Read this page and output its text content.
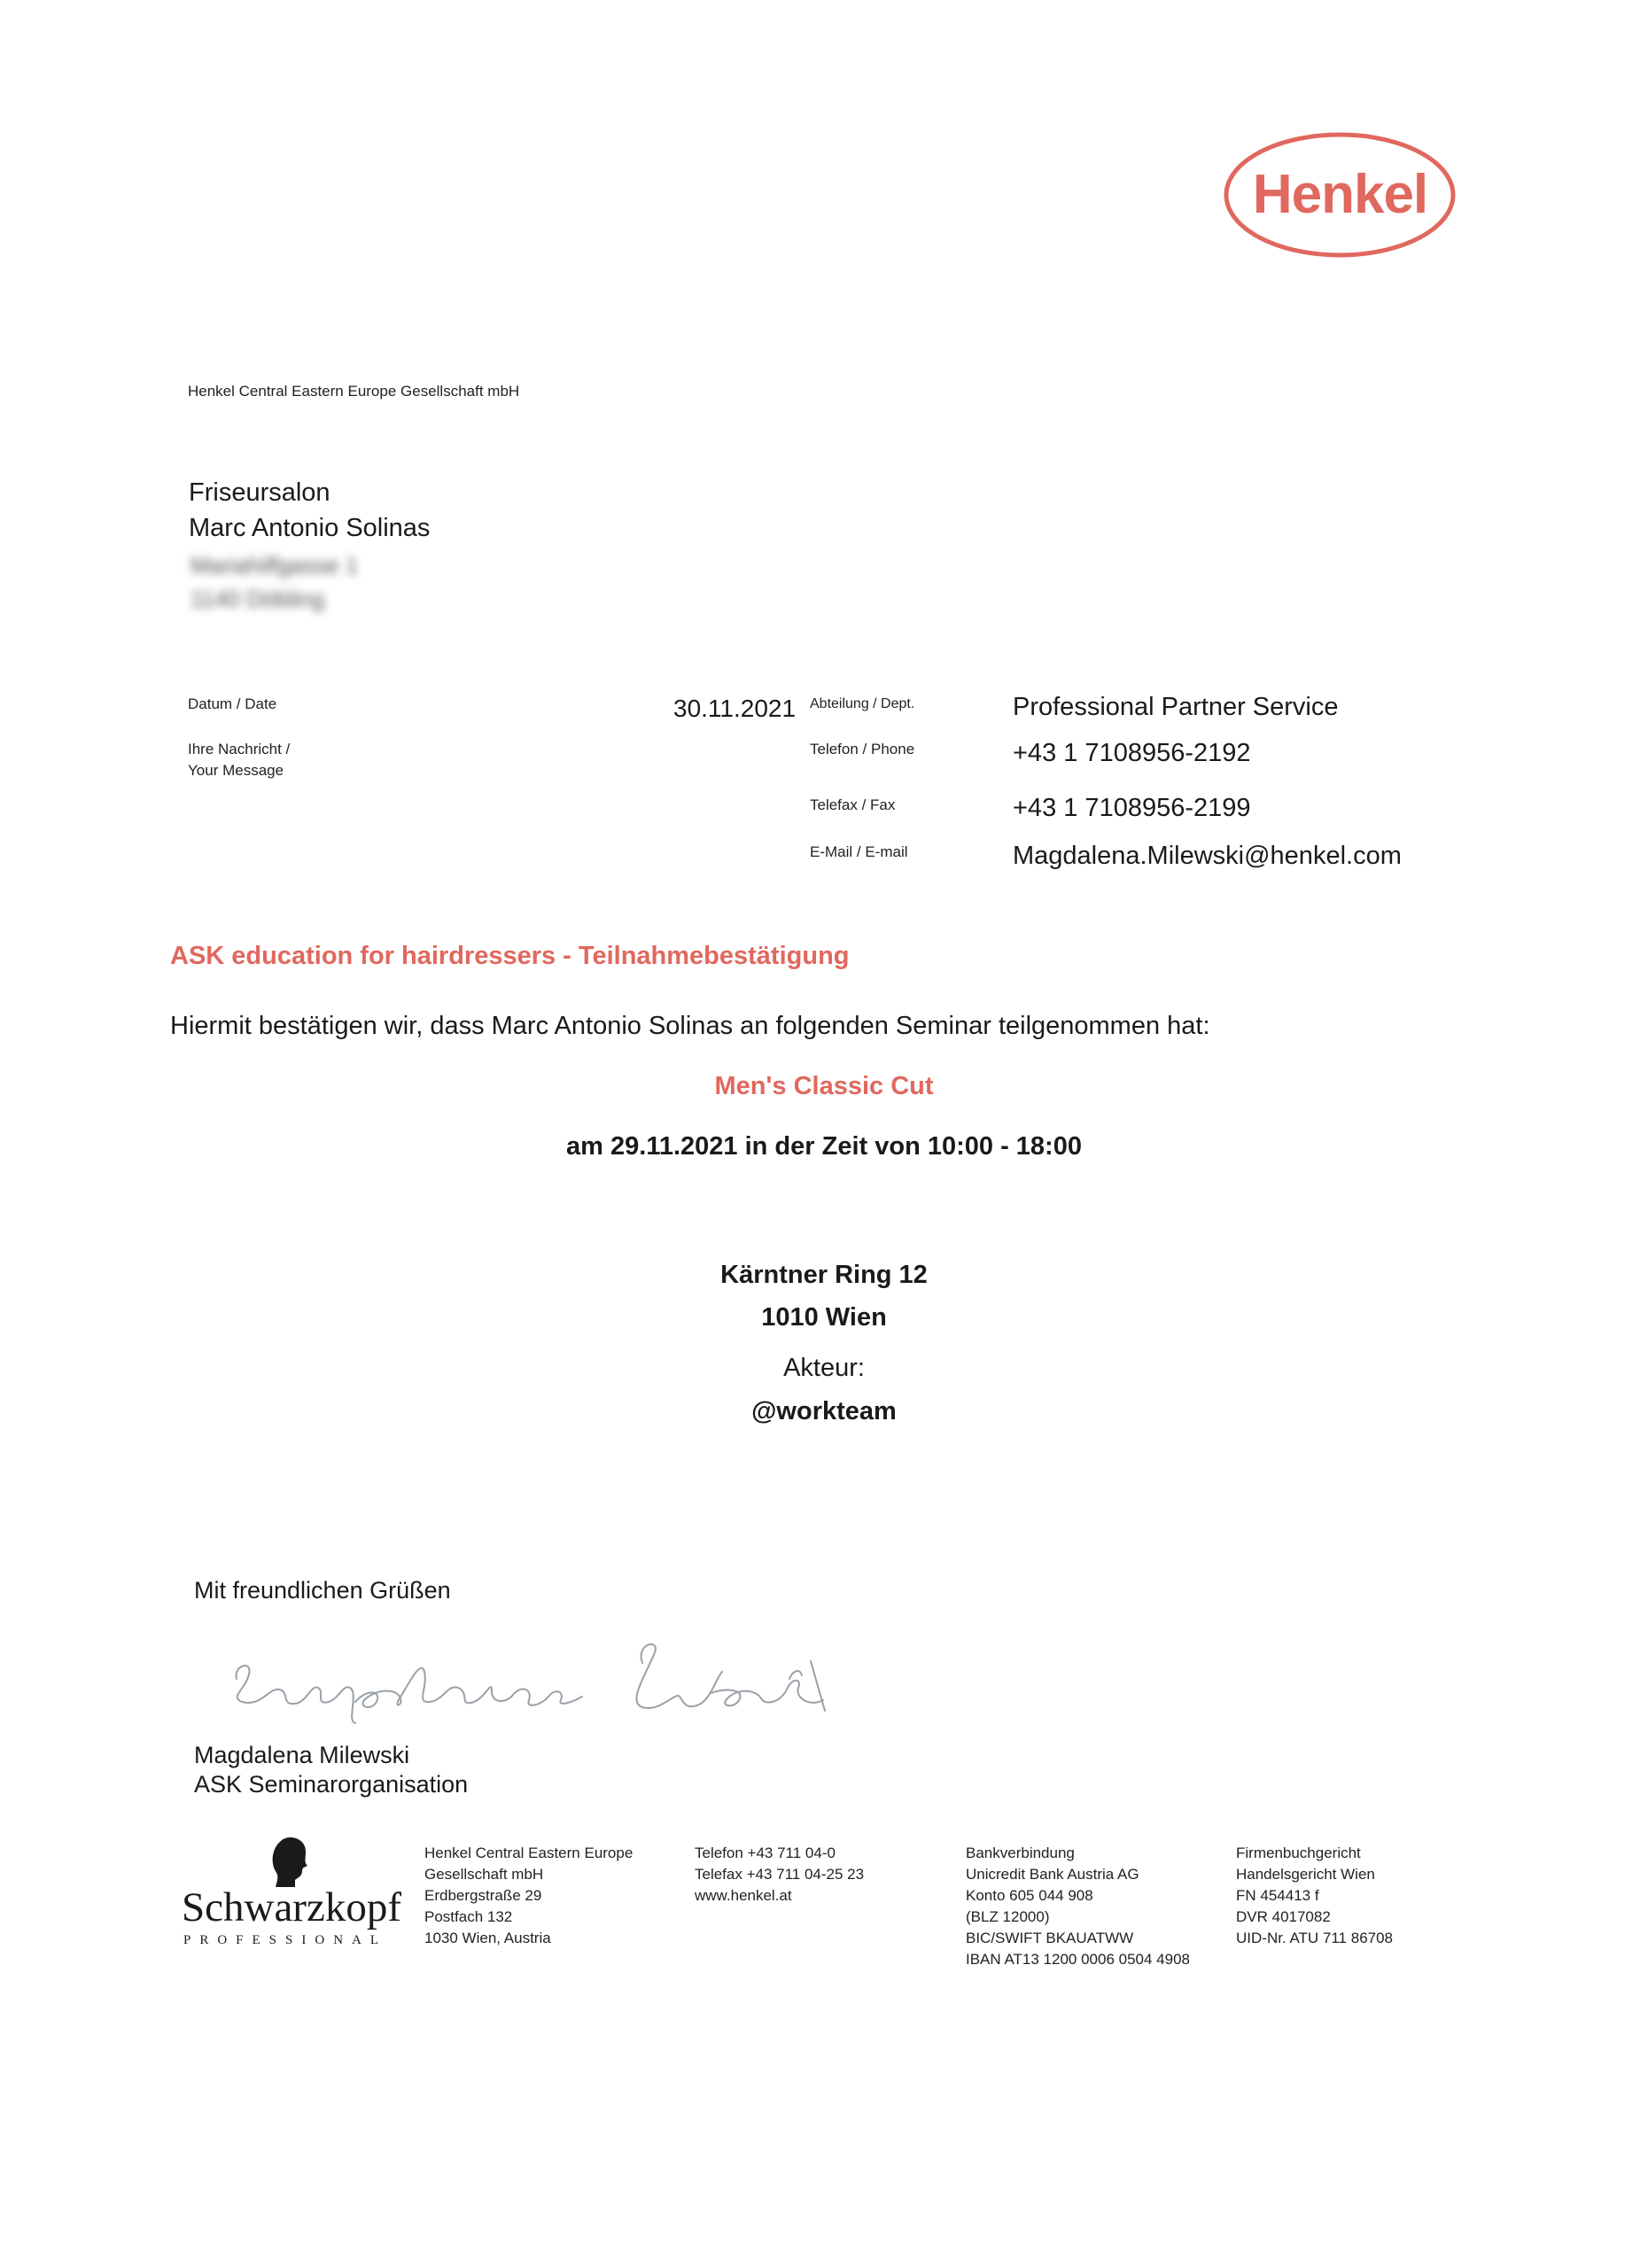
Henkel
Henkel Central Eastern Europe Gesellschaft mbH
Friseursalon
Marc Antonio Solinas
Mariahilfgasse 1
1140 Döbling
Datum / Date	30.11.2021
Ihre Nachricht /
Your Message
Abteilung / Dept.	Professional Partner Service
Telefon / Phone	+43 1 7108956-2192
Telefax / Fax	+43 1 7108956-2199
E-Mail / E-mail	Magdalena.Milewski@henkel.com
ASK education for hairdressers - Teilnahmebestätigung
Hiermit bestätigen wir, dass Marc Antonio Solinas an folgenden Seminar teilgenommen hat:
Men's Classic Cut
am 29.11.2021 in der Zeit von 10:00 - 18:00
Kärntner Ring 12
1010 Wien
Akteur:
@workteam
Mit freundlichen Grüßen
Magdalena Milewski
ASK Seminarorganisation
Schwarzkopf
PROFESSIONAL
Henkel Central Eastern Europe
Gesellschaft mbH
Erdbergstraße 29
Postfach 132
1030 Wien, Austria
Telefon +43 711 04-0
Telefax +43 711 04-25 23
www.henkel.at
Bankverbindung
Unicredit Bank Austria AG
Konto 605 044 908
(BLZ 12000)
BIC/SWIFT BKAUATWW
IBAN AT13 1200 0006 0504 4908
Firmenbuchgericht
Handelsgericht Wien
FN 454413 f
DVR 4017082
UID-Nr. ATU 711 86708
